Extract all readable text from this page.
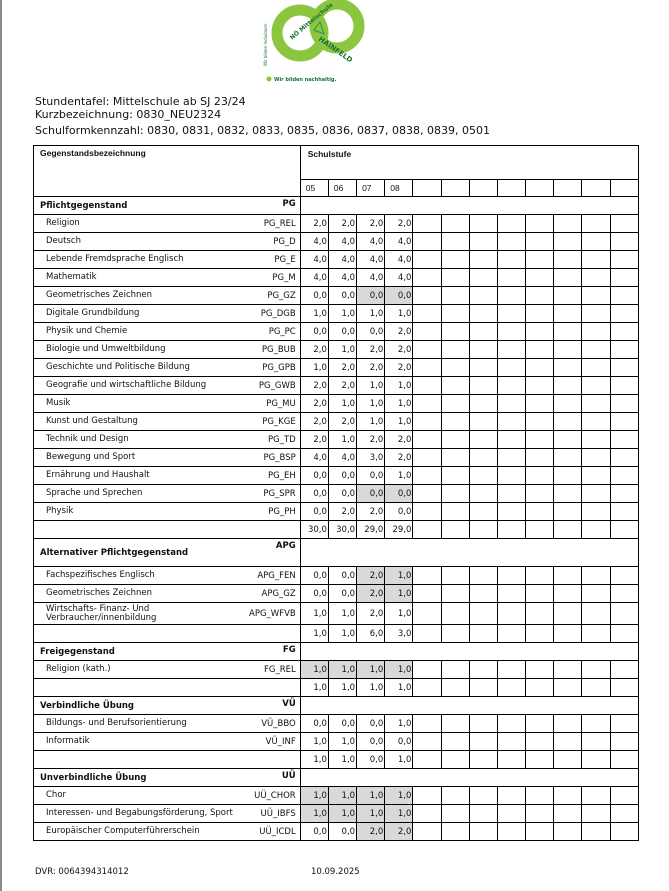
NÖ Mittelschule
HAINFELD
Wir bilden Individuen
Wir bilden nachhaltig.
Stundentafel: Mittelschule ab SJ 23/24
Kurzbezeichnung: 0830_NEU2324
Schulformkennzahl: 0830, 0831, 0832, 0833, 0835, 0836, 0837, 0838, 0839, 0501
Gegenstandsbezeichnung		Schulstufe											
		05	06	07	08								
Pflichtgegenstand	PG												
Religion	PG_REL	2,0	2,0	2,0	2,0								
Deutsch	PG_D	4,0	4,0	4,0	4,0								
Lebende Fremdsprache Englisch	PG_E	4,0	4,0	4,0	4,0								
Mathematik	PG_M	4,0	4,0	4,0	4,0								
Geometrisches Zeichnen	PG_GZ	0,0	0,0	0,0	0,0								
Digitale Grundbildung	PG_DGB	1,0	1,0	1,0	1,0								
Physik und Chemie	PG_PC	0,0	0,0	0,0	2,0								
Biologie und Umweltbildung	PG_BUB	2,0	1,0	2,0	2,0								
Geschichte und Politische Bildung	PG_GPB	1,0	2,0	2,0	2,0								
Geografie und wirtschaftliche Bildung	PG_GWB	2,0	2,0	1,0	1,0								
Musik	PG_MU	2,0	1,0	1,0	1,0								
Kunst und Gestaltung	PG_KGE	2,0	2,0	1,0	1,0								
Technik und Design	PG_TD	2,0	1,0	2,0	2,0								
Bewegung und Sport	PG_BSP	4,0	4,0	3,0	2,0								
Ernährung und Haushalt	PG_EH	0,0	0,0	0,0	1,0								
Sprache und Sprechen	PG_SPR	0,0	0,0	0,0	0,0								
Physik	PG_PH	0,0	2,0	2,0	0,0								
		30,0	30,0	29,0	29,0								
Alternativer Pflichtgegenstand	APG												
Fachspezifisches Englisch	APG_FEN	0,0	0,0	2,0	1,0								
Geometrisches Zeichnen	APG_GZ	0,0	0,0	2,0	1,0								
Wirtschafts- Finanz- Und Verbraucher/innenbildung	APG_WFVB	1,0	1,0	2,0	1,0								
		1,0	1,0	6,0	3,0								
Freigegenstand	FG												
Religion (kath.)	FG_REL	1,0	1,0	1,0	1,0								
		1,0	1,0	1,0	1,0								
Verbindliche Übung	VÜ												
Bildungs- und Berufsorientierung	VÜ_BBO	0,0	0,0	0,0	1,0								
Informatik	VÜ_INF	1,0	1,0	0,0	0,0								
		1,0	1,0	0,0	1,0								
Unverbindliche Übung	UÜ												
Chor	UÜ_CHOR	1,0	1,0	1,0	1,0								
Interessen- und Begabungsförderung, Sport	UÜ_IBFS	1,0	1,0	1,0	1,0								
Europäischer Computerführerschein	UÜ_ICDL	0,0	0,0	2,0	2,0								
DVR: 0064394314012	10.09.2025
